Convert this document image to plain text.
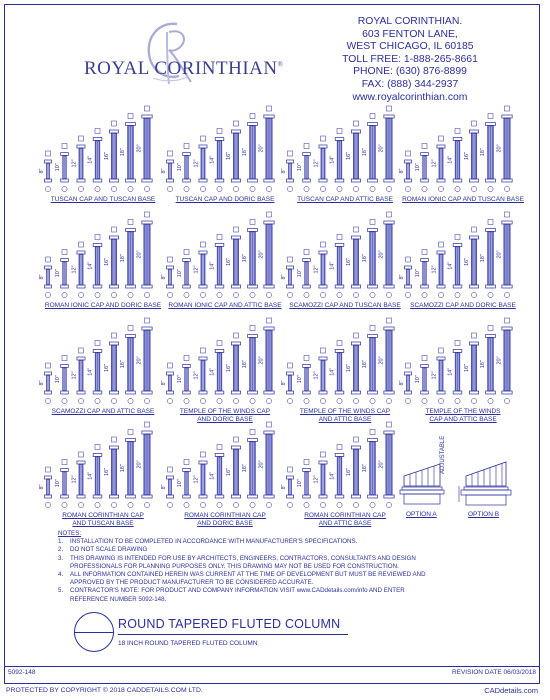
ROYAL CORINTHIAN®
ROYAL CORINTHIAN.
603 FENTON LANE,
WEST CHICAGO, IL 60185
TOLL FREE: 1-888-265-8661
PHONE: (630) 876-8899
FAX: (888) 344-2937
www.royalcorinthian.com
8" 10" 12" 14" 16" 18" 20"
TUSCAN CAP AND TUSCAN BASE
8" 10" 12" 14" 16" 18" 20"
TUSCAN CAP AND DORIC BASE
8" 10" 12" 14" 16" 18" 20"
TUSCAN CAP AND ATTIC BASE
8" 10" 12" 14" 16" 18" 20"
ROMAN IONIC CAP AND TUSCAN BASE
8" 10" 12" 14" 16" 18" 20"
ROMAN IONIC CAP AND DORIC BASE
8" 10" 12" 14" 16" 18" 20"
ROMAN IONIC CAP AND ATTIC BASE
8" 10" 12" 14" 16" 18" 20"
SCAMOZZI CAP AND TUSCAN BASE
8" 10" 12" 14" 16" 18" 20"
SCAMOZZI CAP AND DORIC BASE
8" 10" 12" 14" 16" 18" 20"
SCAMOZZI CAP AND ATTIC BASE
8" 10" 12" 14" 16" 18" 20"
TEMPLE OF THE WINDS CAP
AND DORIC BASE
8" 10" 12" 14" 16" 18" 20"
TEMPLE OF THE WINDS CAP
AND ATTIC BASE
8" 10" 12" 14" 16" 18" 20"
TEMPLE OF THE WINDS
CAP AND ATTIC BASE
8" 10" 12" 14" 16" 18" 20"
ROMAN CORINTHIAN CAP
AND TUSCAN BASE
8" 10" 12" 14" 16" 18" 20"
ROMAN CORINTHIAN CAP
AND DORIC BASE
8" 10" 12" 14" 16" 18" 20"
ROMAN CORINTHIAN CAP
AND ATTIC BASE
ADJUSTABLE
OPTION A	OPTION B
NOTES:
1.	INSTALLATION TO BE COMPLETED IN ACCORDANCE WITH MANUFACTURER'S SPECIFICATIONS.
2.	DO NOT SCALE DRAWING
3.	THIS DRAWING IS INTENDED FOR USE BY ARCHITECTS, ENGINEERS, CONTRACTORS, CONSULTANTS AND DESIGN
PROFESSIONALS FOR PLANNING PURPOSES ONLY. THIS DRAWING MAY NOT BE USED FOR CONSTRUCTION.
4.	ALL INFORMATION CONTAINED HEREIN WAS CURRENT AT THE TIME OF DEVELOPMENT BUT MUST BE REVIEWED AND
APPROVED BY THE PRODUCT MANUFACTURER TO BE CONSIDERED ACCURATE.
5.	CONTRACTOR'S NOTE: FOR PRODUCT AND COMPANY INFORMATION VISIT www.CADdetails.com/info AND ENTER
REFERENCE NUMBER 5092-148.
ROUND TAPERED FLUTED COLUMN
18 INCH ROUND TAPERED FLUTED COLUMN
5092-148	REVISION DATE 06/03/2018
PROTECTED BY COPYRIGHT © 2018 CADDETAILS.COM LTD.	CADdetails.com
